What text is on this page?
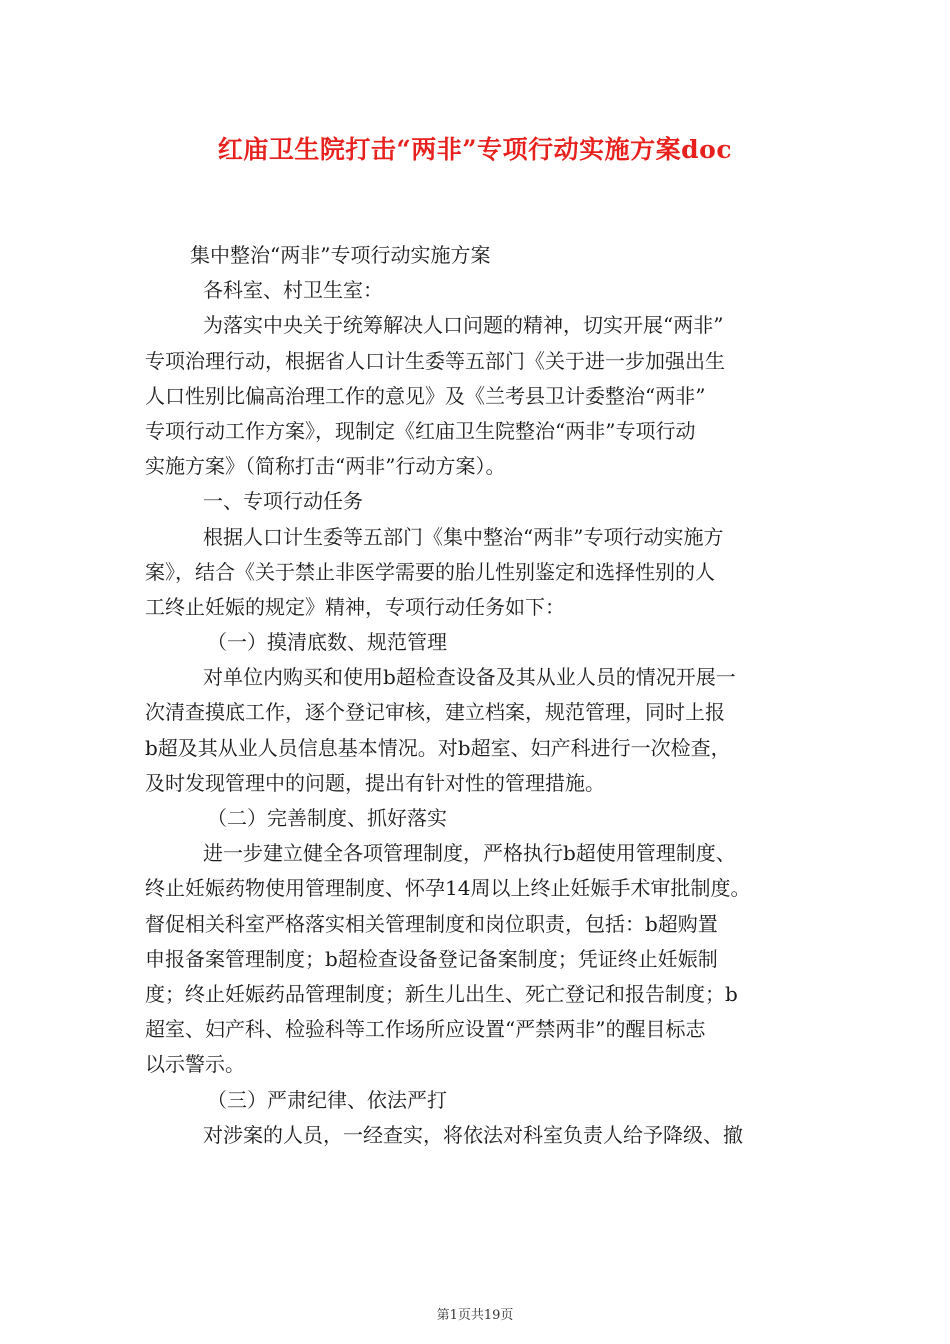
红庙卫生院打击“两非”专项行动实施方案doc
集中整治“两非”专项行动实施方案
各科室、村卫生室：
为落实中央关于统筹解决人口问题的精神，切实开展“两非”
专项治理行动，根据省人口计生委等五部门《关于进一步加强出生
人口性别比偏高治理工作的意见》及《兰考县卫计委整治“两非”
专项行动工作方案》，现制定《红庙卫生院整治“两非”专项行动
实施方案》（简称打击“两非”行动方案）。
一、专项行动任务
根据人口计生委等五部门《集中整治“两非”专项行动实施方
案》，结合《关于禁止非医学需要的胎儿性别鉴定和选择性别的人
工终止妊娠的规定》精神，专项行动任务如下：
（一）摸清底数、规范管理
对单位内购买和使用b超检查设备及其从业人员的情况开展一
次清查摸底工作，逐个登记审核，建立档案，规范管理，同时上报
b超及其从业人员信息基本情况。对b超室、妇产科进行一次检查，
及时发现管理中的问题，提出有针对性的管理措施。
（二）完善制度、抓好落实
进一步建立健全各项管理制度，严格执行b超使用管理制度、
终止妊娠药物使用管理制度、怀孕14周以上终止妊娠手术审批制度。
督促相关科室严格落实相关管理制度和岗位职责，包括：b超购置
申报备案管理制度；b超检查设备登记备案制度；凭证终止妊娠制
度；终止妊娠药品管理制度；新生儿出生、死亡登记和报告制度；b
超室、妇产科、检验科等工作场所应设置“严禁两非”的醒目标志
以示警示。
（三）严肃纪律、依法严打
对涉案的人员，一经查实，将依法对科室负责人给予降级、撤
第1页共19页
